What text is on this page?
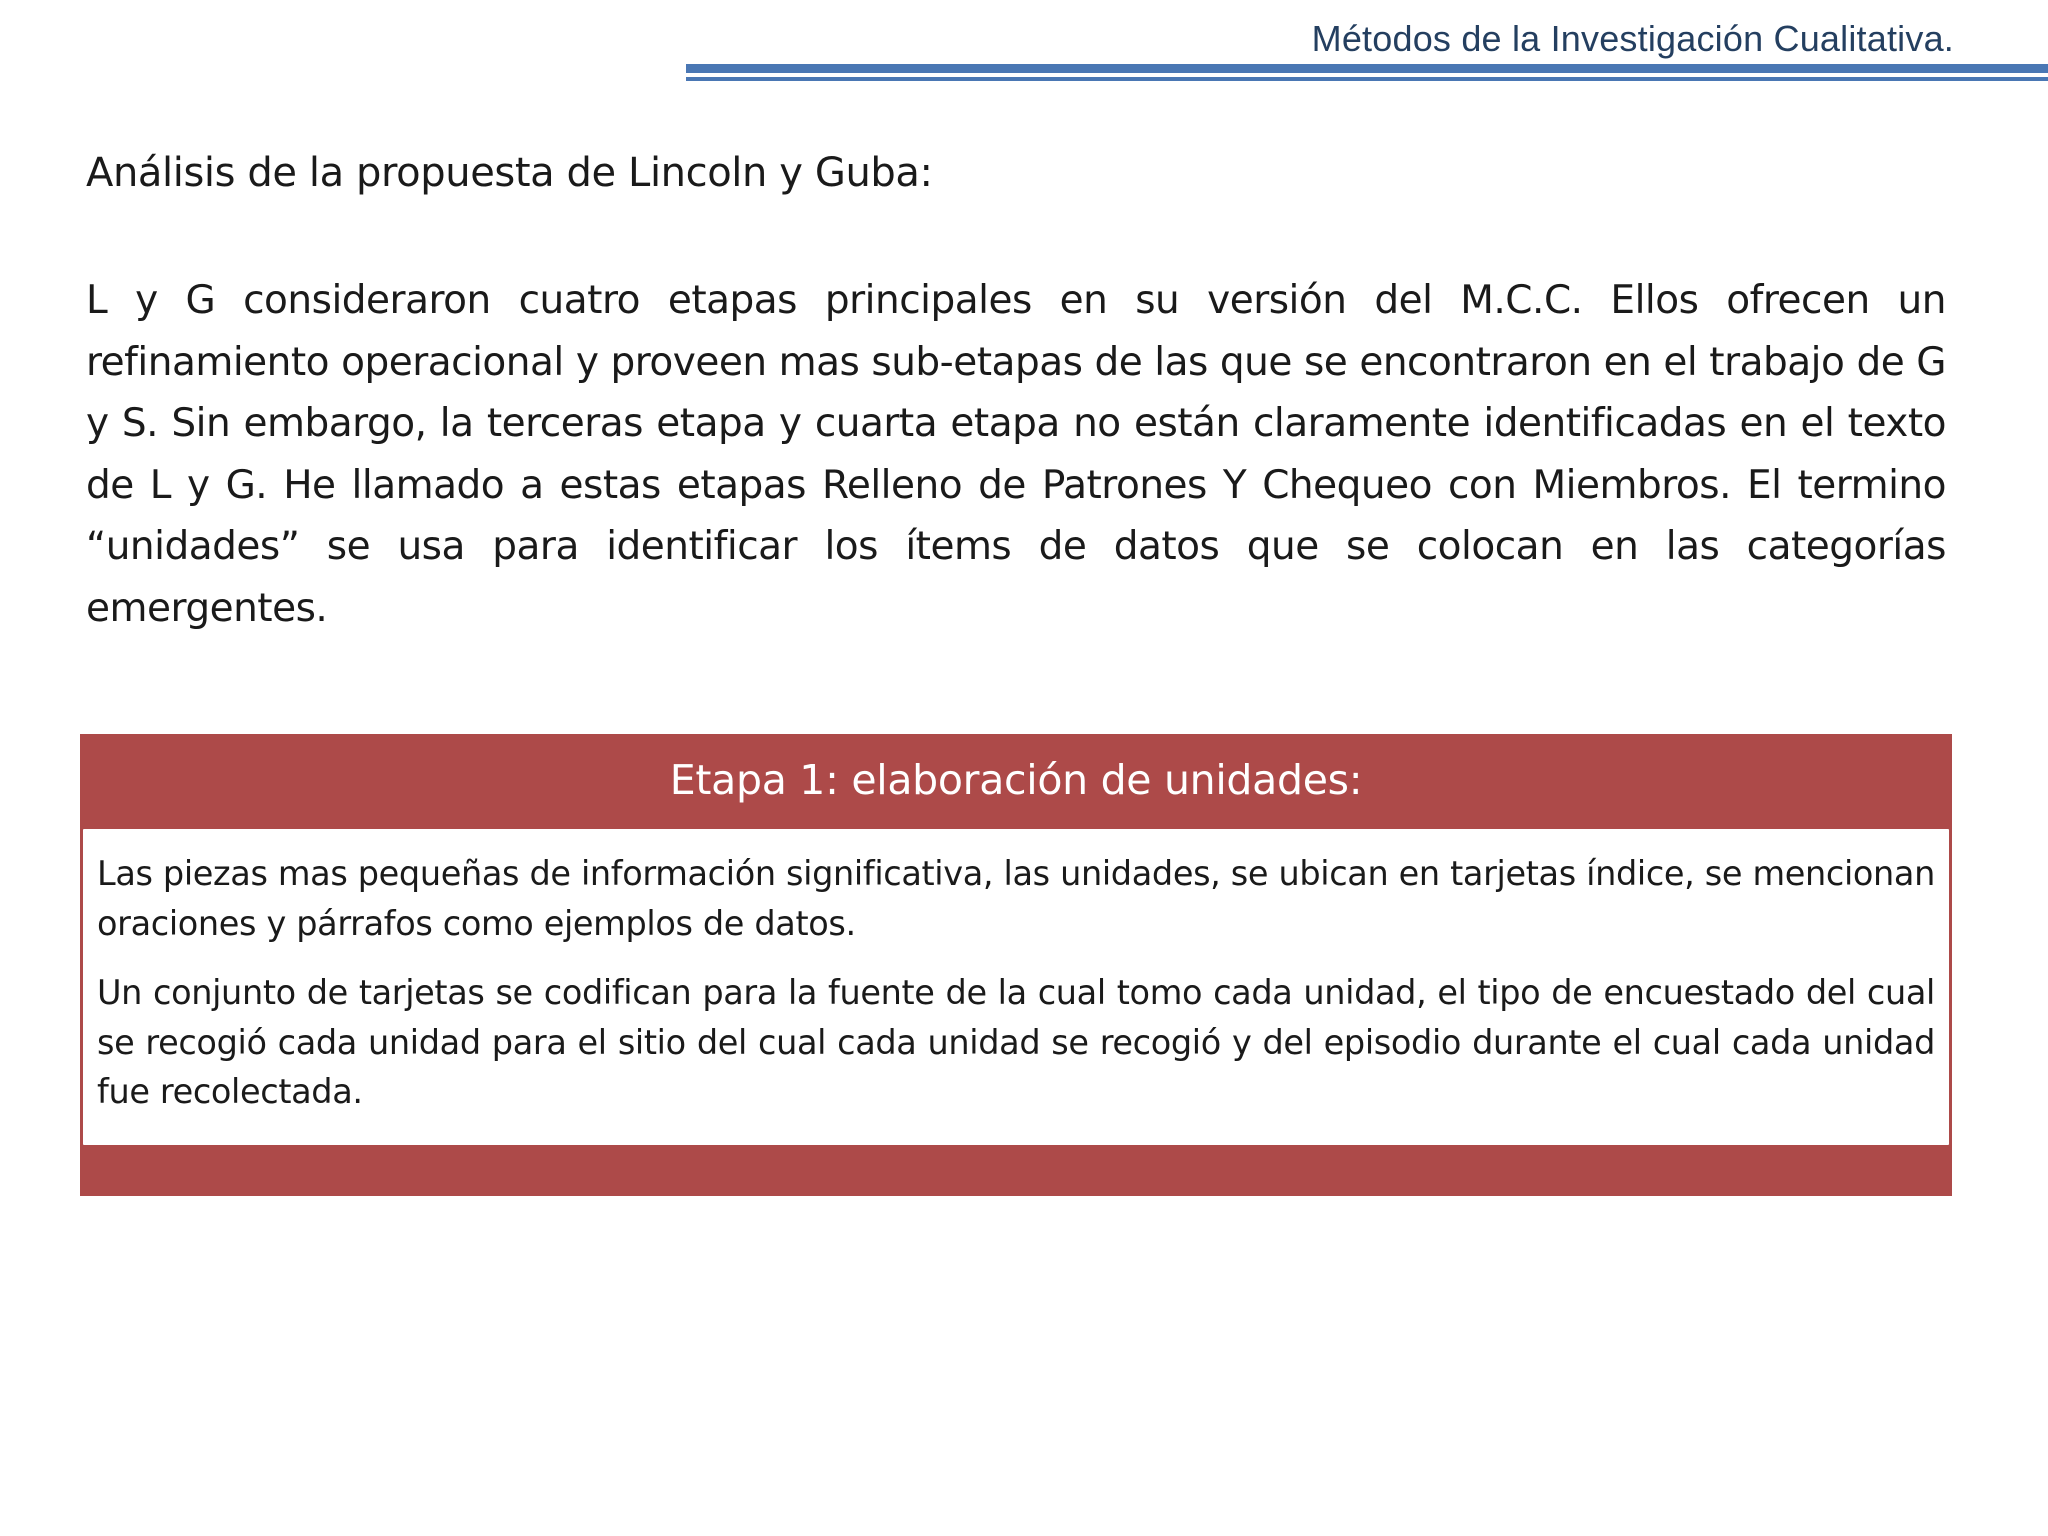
Métodos de la Investigación Cualitativa.
Análisis de la propuesta de Lincoln y Guba:

L y G consideraron cuatro etapas principales en su versión del M.C.C. Ellos ofrecen un refinamiento operacional y proveen mas sub-etapas de las que se encontraron en el trabajo de G y S. Sin embargo, la terceras etapa y cuarta etapa no están claramente identificadas en el texto de L y G. He llamado a estas etapas Relleno de Patrones Y Chequeo con Miembros. El termino “unidades” se usa para identificar los ítems de datos que se colocan en las categorías emergentes.

Etapa 1: elaboración de unidades:

Las piezas mas pequeñas de información significativa, las unidades, se ubican en tarjetas índice, se mencionan oraciones y párrafos como ejemplos de datos.

Un conjunto de tarjetas se codifican para la fuente de la cual tomo cada unidad, el tipo de encuestado del cual se recogió cada unidad para el sitio del cual cada unidad se recogió y del episodio durante el cual cada unidad fue recolectada.
